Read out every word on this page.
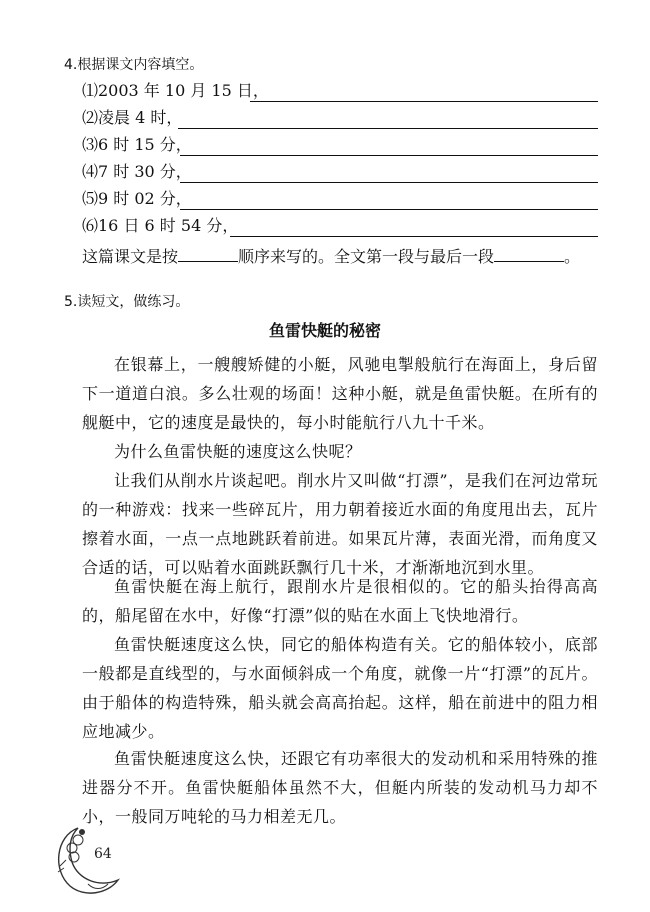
4.根据课文内容填空。
⑴2003 年 10 月 15 日，
⑵凌晨 4 时，
⑶6 时 15 分，
⑷7 时 30 分，
⑸9 时 02 分，
⑹16 日 6 时 54 分，
这篇课文是按	顺序来写的。全文第一段与最后一段	。
5.读短文，做练习。
鱼雷快艇的秘密
在银幕上，一艘艘矫健的小艇，风驰电掣般航行在海面上，身后留下一道道白浪。多么壮观的场面！这种小艇，就是鱼雷快艇。在所有的舰艇中，它的速度是最快的，每小时能航行八九十千米。
为什么鱼雷快艇的速度这么快呢？
让我们从削水片谈起吧。削水片又叫做“打漂”，是我们在河边常玩的一种游戏：找来一些碎瓦片，用力朝着接近水面的角度甩出去，瓦片擦着水面，一点一点地跳跃着前进。如果瓦片薄，表面光滑，而角度又合适的话，可以贴着水面跳跃飘行几十米，才渐渐地沉到水里。
鱼雷快艇在海上航行，跟削水片是很相似的。它的船头抬得高高的，船尾留在水中，好像“打漂”似的贴在水面上飞快地滑行。
鱼雷快艇速度这么快，同它的船体构造有关。它的船体较小，底部一般都是直线型的，与水面倾斜成一个角度，就像一片“打漂”的瓦片。由于船体的构造特殊，船头就会高高抬起。这样，船在前进中的阻力相应地减少。
鱼雷快艇速度这么快，还跟它有功率很大的发动机和采用特殊的推进器分不开。鱼雷快艇船体虽然不大，但艇内所装的发动机马力却不小，一般同万吨轮的马力相差无几。
64
